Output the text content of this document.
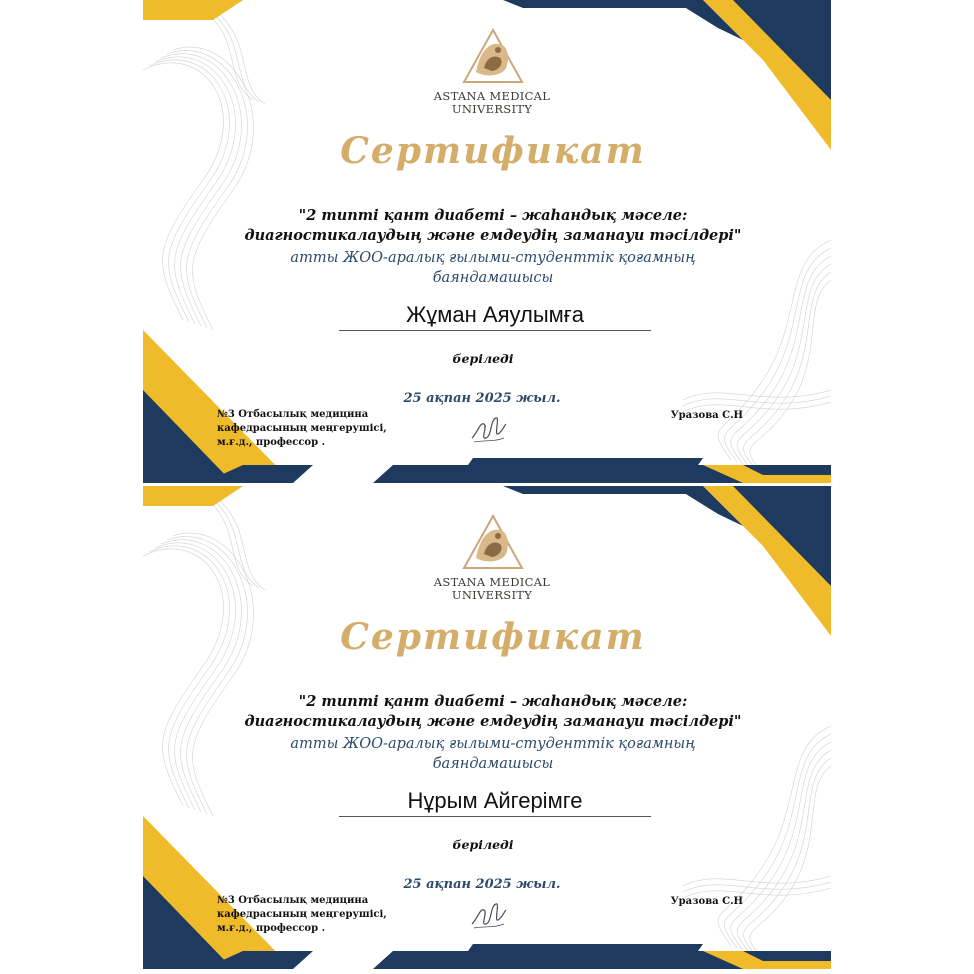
ASTANA MEDICAL
UNIVERSITY
Сертификат
"2 типті қант диабеті – жаһандық мәселе:
диагностикалаудың және емдеудің заманауи тәсілдері"
атты ЖОО-аралық ғылыми-студенттік қоғамның
баяндамашысы
Жұман Аяулымға
беріледі
25 ақпан 2025 жыл.
№3 Отбасылық медицина
кафедрасының меңгерушісі,
м.ғ.д., профессор .
Уразова С.Н
ASTANA MEDICAL
UNIVERSITY
Сертификат
"2 типті қант диабеті – жаһандық мәселе:
диагностикалаудың және емдеудің заманауи тәсілдері"
атты ЖОО-аралық ғылыми-студенттік қоғамның
баяндамашысы
Нұрым Айгерімге
беріледі
25 ақпан 2025 жыл.
№3 Отбасылық медицина
кафедрасының меңгерушісі,
м.ғ.д., профессор .
Уразова С.Н
